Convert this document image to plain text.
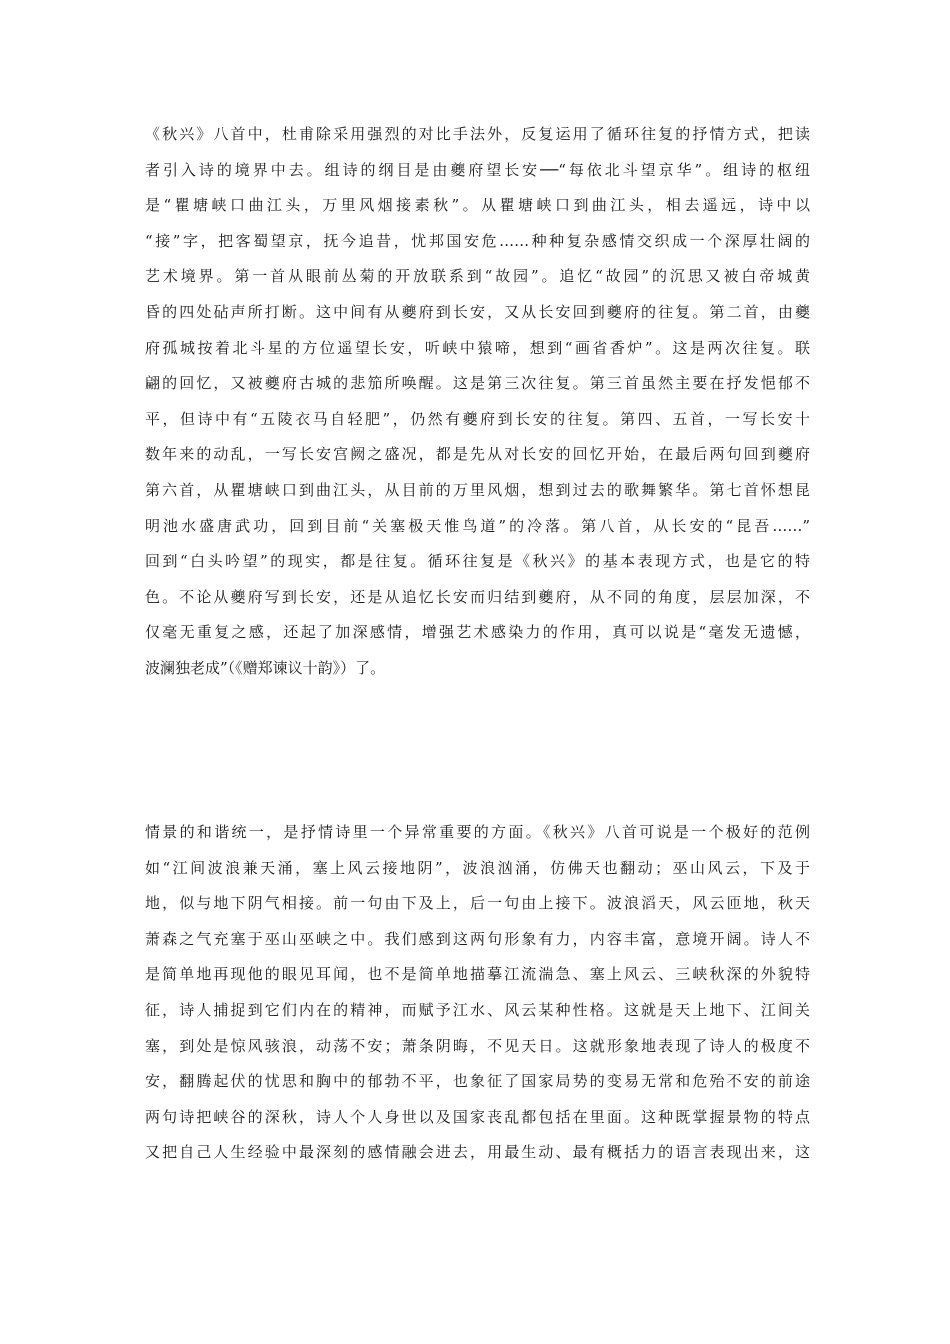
《秋兴》八首中，杜甫除采用强烈的对比手法外，反复运用了循环往复的抒情方式，把读
者引入诗的境界中去。组诗的纲目是由夔府望长安──“每依北斗望京华”。组诗的枢纽
是“瞿塘峡口曲江头，万里风烟接素秋”。从瞿塘峡口到曲江头，相去遥远，诗中以
“接”字，把客蜀望京，抚今追昔，忧邦国安危……种种复杂感情交织成一个深厚壮阔的
艺术境界。第一首从眼前丛菊的开放联系到“故园”。追忆“故园”的沉思又被白帝城黄
昏的四处砧声所打断。这中间有从夔府到长安，又从长安回到夔府的往复。第二首，由夔
府孤城按着北斗星的方位遥望长安，听峡中猿啼，想到“画省香炉”。这是两次往复。联
翩的回忆，又被夔府古城的悲笳所唤醒。这是第三次往复。第三首虽然主要在抒发悒郁不
平，但诗中有“五陵衣马自轻肥”，仍然有夔府到长安的往复。第四、五首，一写长安十
数年来的动乱，一写长安宫阙之盛况，都是先从对长安的回忆开始，在最后两句回到夔府
第六首，从瞿塘峡口到曲江头，从目前的万里风烟，想到过去的歌舞繁华。第七首怀想昆
明池水盛唐武功，回到目前“关塞极天惟鸟道”的冷落。第八首，从长安的“昆吾……”
回到“白头吟望”的现实，都是往复。循环往复是《秋兴》的基本表现方式，也是它的特
色。不论从夔府写到长安，还是从追忆长安而归结到夔府，从不同的角度，层层加深，不
仅毫无重复之感，还起了加深感情，增强艺术感染力的作用，真可以说是“毫发无遗憾，
波澜独老成”（《赠郑谏议十韵》）了。
情景的和谐统一，是抒情诗里一个异常重要的方面。《秋兴》八首可说是一个极好的范例
如“江间波浪兼天涌，塞上风云接地阴”，波浪汹涌，仿佛天也翻动；巫山风云，下及于
地，似与地下阴气相接。前一句由下及上，后一句由上接下。波浪滔天，风云匝地，秋天
萧森之气充塞于巫山巫峡之中。我们感到这两句形象有力，内容丰富，意境开阔。诗人不
是简单地再现他的眼见耳闻，也不是简单地描摹江流湍急、塞上风云、三峡秋深的外貌特
征，诗人捕捉到它们内在的精神，而赋予江水、风云某种性格。这就是天上地下、江间关
塞，到处是惊风骇浪，动荡不安；萧条阴晦，不见天日。这就形象地表现了诗人的极度不
安，翻腾起伏的忧思和胸中的郁勃不平，也象征了国家局势的变易无常和危殆不安的前途
两句诗把峡谷的深秋，诗人个人身世以及国家丧乱都包括在里面。这种既掌握景物的特点
又把自己人生经验中最深刻的感情融会进去，用最生动、最有概括力的语言表现出来，这
